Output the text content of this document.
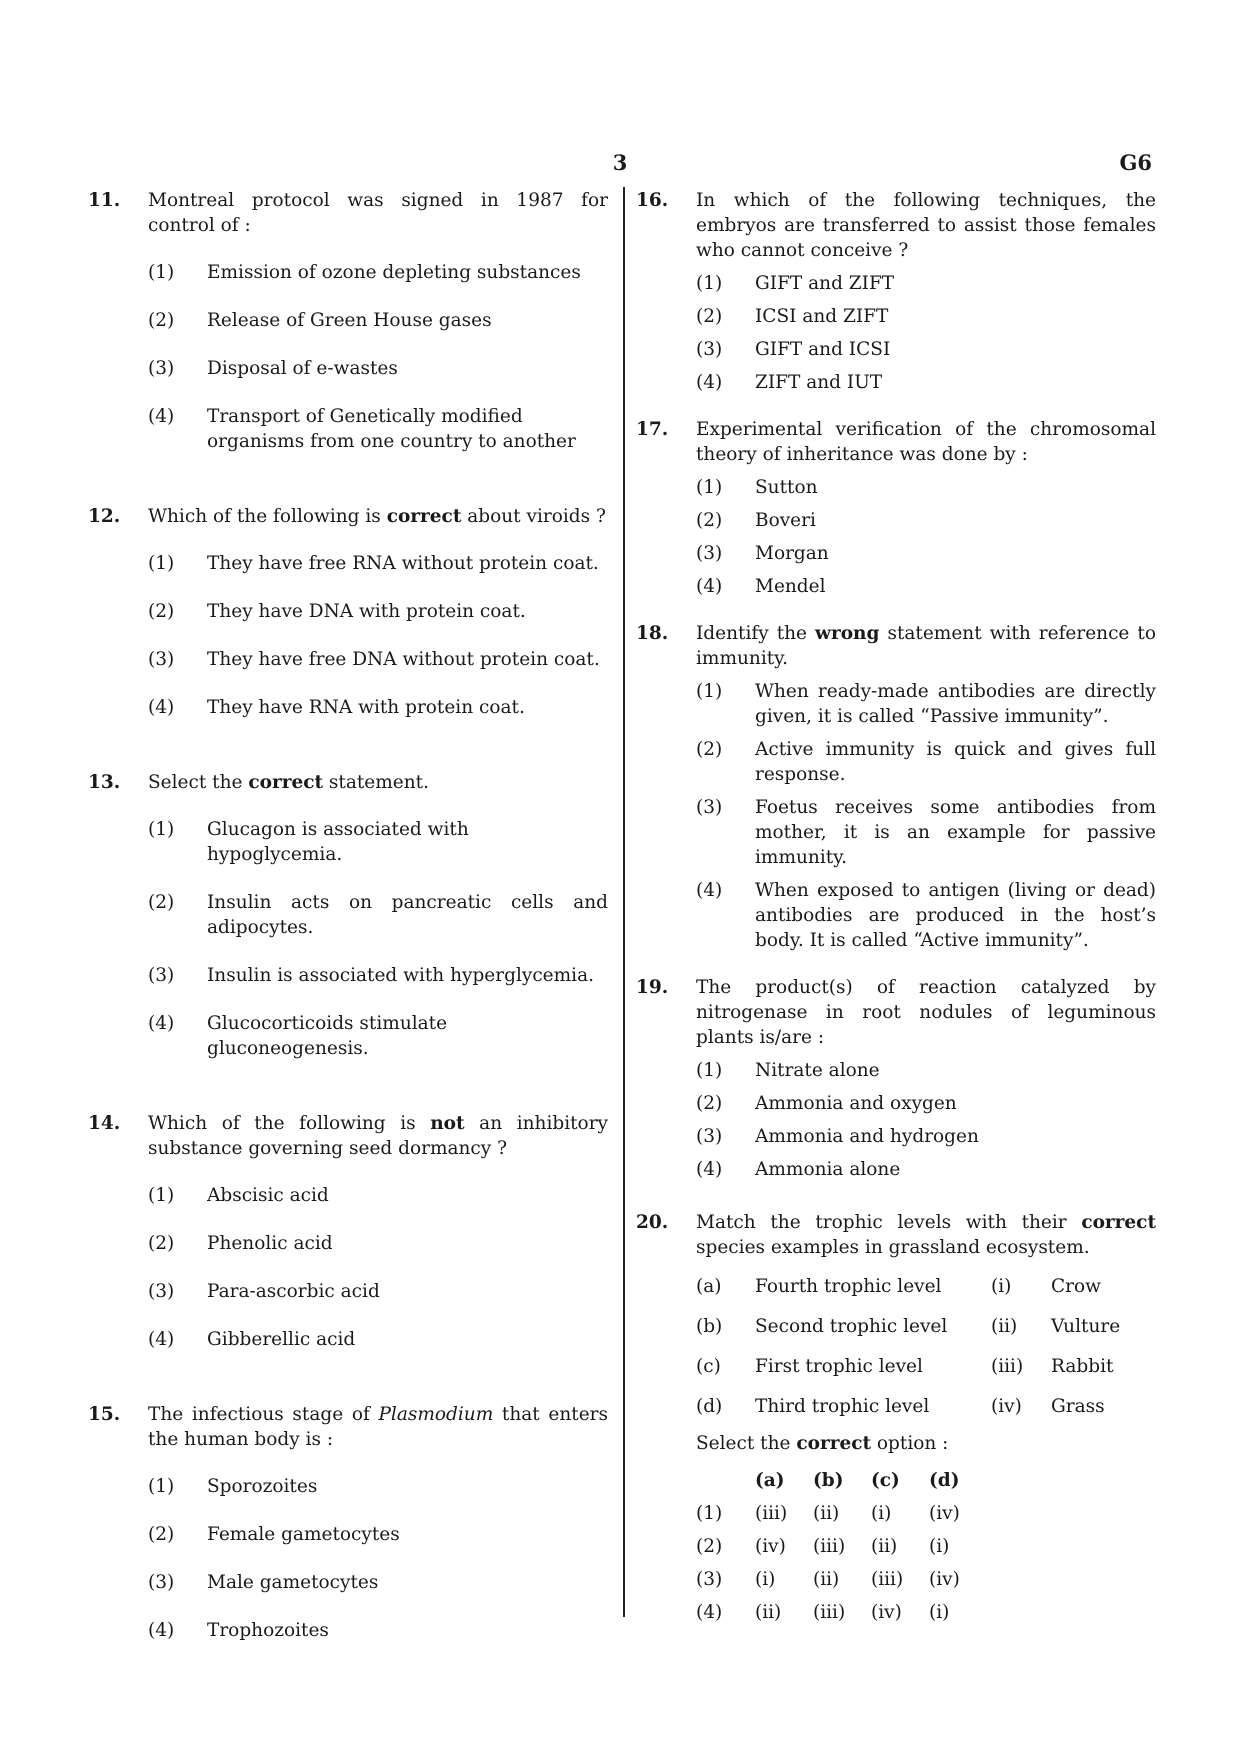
3	G6
11. Montreal protocol was signed in 1987 for control of :

(1) Emission of ozone depleting substances
(2) Release of Green House gases
(3) Disposal of e-wastes
(4) Transport of Genetically modified organisms from one country to another
12. Which of the following is correct about viroids ?

(1) They have free RNA without protein coat.
(2) They have DNA with protein coat.
(3) They have free DNA without protein coat.
(4) They have RNA with protein coat.
13. Select the correct statement.

(1) Glucagon is associated with hypoglycemia.
(2) Insulin acts on pancreatic cells and adipocytes.
(3) Insulin is associated with hyperglycemia.
(4) Glucocorticoids stimulate gluconeogenesis.
14. Which of the following is not an inhibitory substance governing seed dormancy ?

(1) Abscisic acid
(2) Phenolic acid
(3) Para-ascorbic acid
(4) Gibberellic acid
15. The infectious stage of Plasmodium that enters the human body is :

(1) Sporozoites
(2) Female gametocytes
(3) Male gametocytes
(4) Trophozoites
16. In which of the following techniques, the embryos are transferred to assist those females who cannot conceive ?

(1) GIFT and ZIFT
(2) ICSI and ZIFT
(3) GIFT and ICSI
(4) ZIFT and IUT
17. Experimental verification of the chromosomal theory of inheritance was done by :

(1) Sutton
(2) Boveri
(3) Morgan
(4) Mendel
18. Identify the wrong statement with reference to immunity.

(1) When ready-made antibodies are directly given, it is called “Passive immunity”.
(2) Active immunity is quick and gives full response.
(3) Foetus receives some antibodies from mother, it is an example for passive immunity.
(4) When exposed to antigen (living or dead) antibodies are produced in the host’s body. It is called “Active immunity”.
19. The product(s) of reaction catalyzed by nitrogenase in root nodules of leguminous plants is/are :

(1) Nitrate alone
(2) Ammonia and oxygen
(3) Ammonia and hydrogen
(4) Ammonia alone
20. Match the trophic levels with their correct species examples in grassland ecosystem.

(a)	Fourth trophic level	(i)	Crow
(b)	Second trophic level	(ii)	Vulture
(c)	First trophic level	(iii)	Rabbit
(d)	Third trophic level	(iv)	Grass

Select the correct option :

	(a)	(b)	(c)	(d)
(1)	(iii)	(ii)	(i)	(iv)
(2)	(iv)	(iii)	(ii)	(i)
(3)	(i)	(ii)	(iii)	(iv)
(4)	(ii)	(iii)	(iv)	(i)
